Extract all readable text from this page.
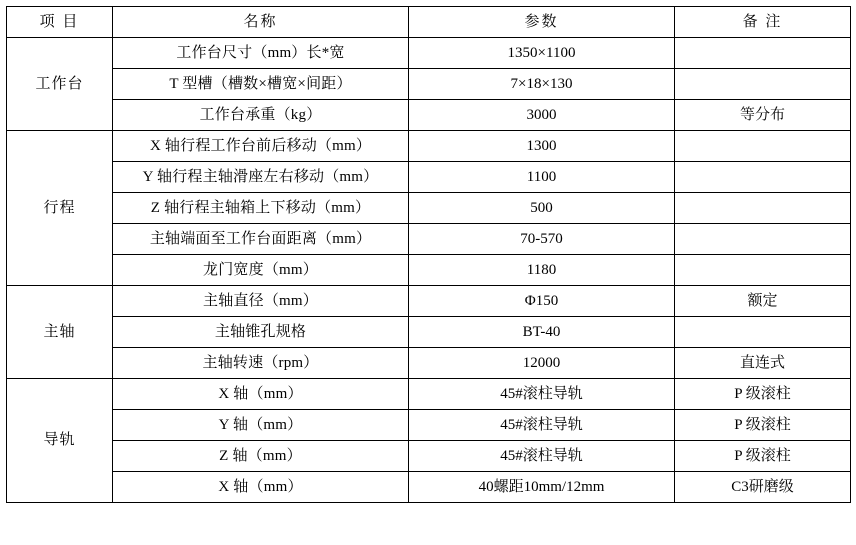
项 目	名称	参数	备 注
工作台	工作台尺寸（mm）长*宽	1350×1100	
	T 型槽（槽数×槽宽×间距）	7×18×130	
	工作台承重（kg）	3000	等分布
行程	X 轴行程工作台前后移动（mm）	1300	
	Y 轴行程主轴滑座左右移动（mm）	1100	
	Z 轴行程主轴箱上下移动（mm）	500	
	主轴端面至工作台面距离（mm）	70-570	
	龙门宽度（mm）	1180	
主轴	主轴直径（mm）	Φ150	额定
	主轴锥孔规格	BT-40	
	主轴转速（rpm）	12000	直连式
导轨	X 轴（mm）	45#滚柱导轨	P 级滚柱
	Y 轴（mm）	45#滚柱导轨	P 级滚柱
	Z 轴（mm）	45#滚柱导轨	P 级滚柱
	X 轴（mm）	40螺距10mm/12mm	C3研磨级
